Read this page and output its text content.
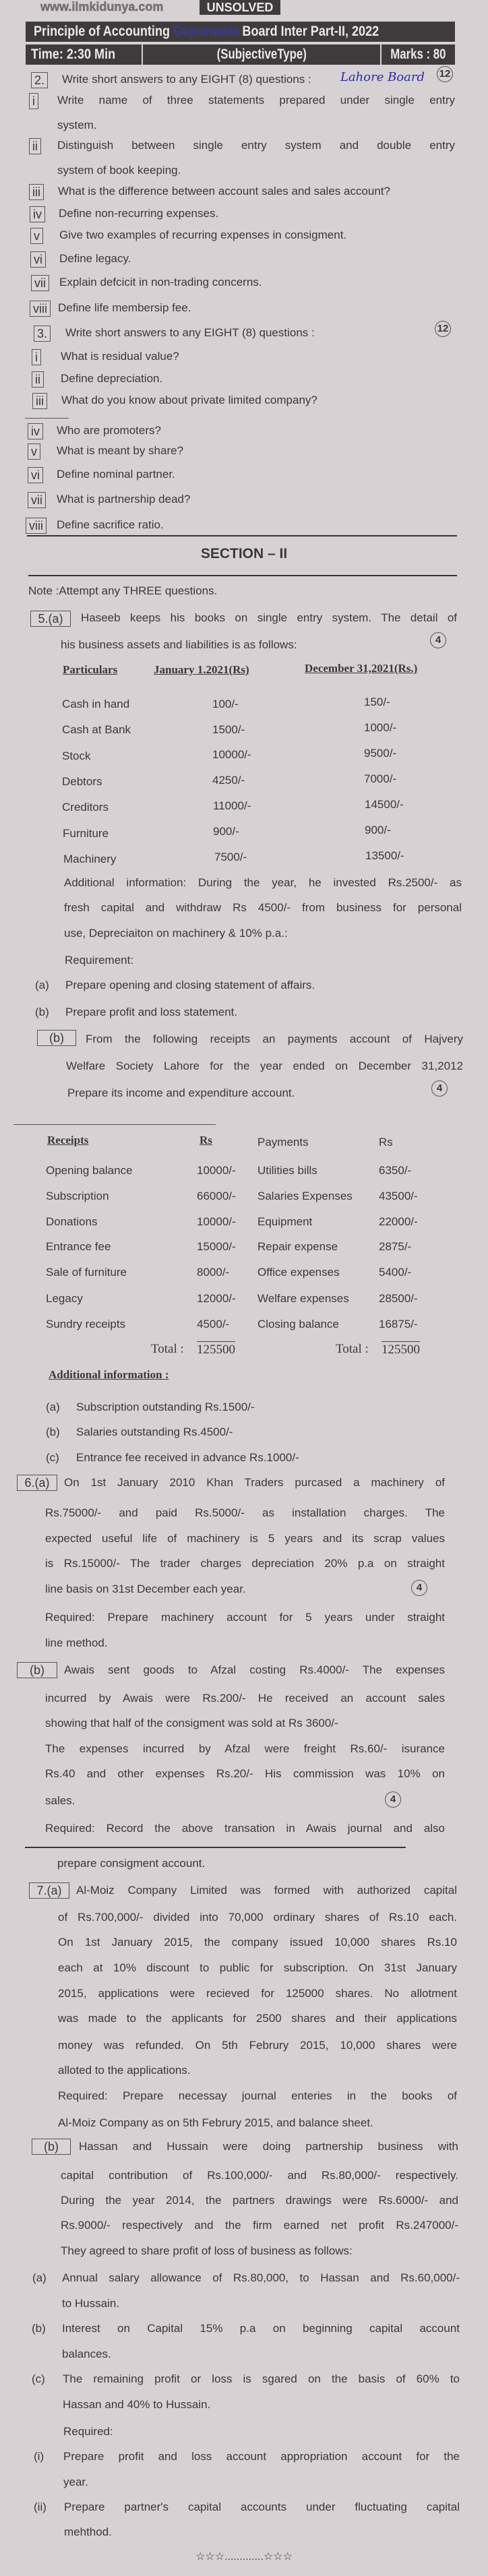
www.ilmkidunya.com	UNSOLVED
Principle of Accounting Gujranwala Board Inter Part-II, 2022
Time: 2:30 Min	(SubjectiveType)	Marks : 80
2. Write short answers to any EIGHT (8) questions : Lahore Board 12
i Write name of three statements prepared under single entry
system.
ii Distinguish between single entry system and double entry
system of book keeping.
iii What is the difference between account sales and sales account?
iv Define non-recurring expenses.
v Give two examples of recurring expenses in consigment.
vi Define legacy.
vii Explain defcicit in non-trading concerns.
viii Define life membersip fee.
3. Write short answers to any EIGHT (8) questions :	12
i What is residual value?
ii Define depreciation.
iii What do you know about private limited company?
iv Who are promoters?
v What is meant by share?
vi Define nominal partner.
vii What is partnership dead?
viii Define sacrifice ratio.
SECTION – II
Note :Attempt any THREE questions.
5.(a)	Haseeb keeps his books on single entry system. The detail of
his business assets and liabilities is as follows:	4
Particulars	January 1.2021(Rs)	December 31,2021(Rs.)
Cash in hand	100/-	150/-
Cash at Bank	1500/-	1000/-
Stock	10000/-	9500/-
Debtors	4250/-	7000/-
Creditors	11000/-	14500/-
Furniture	900/-	900/-
Machinery	7500/-	13500/-
Additional information: During the year, he invested Rs.2500/- as
fresh capital and withdraw Rs 4500/- from business for personal
use, Depreciaiton on machinery & 10% p.a.:
Requirement:
(a) Prepare opening and closing statement of affairs.
(b) Prepare profit and loss statement.
(b)	From the following receipts an payments account of Hajvery
Welfare Society Lahore for the year ended on December 31,2012
Prepare its income and expenditure account.	4
Receipts	Rs	Payments	Rs
Opening balance	10000/- Utilities bills	6350/-
Subscription	66000/- Salaries Expenses 43500/-
Donations	10000/- Equipment	22000/-
Entrance fee	15000/- Repair expense	2875/-
Sale of furniture	8000/- Office expenses	5400/-
Legacy	12000/- Welfare expenses	28500/-
Sundry receipts	4500/- Closing balance	16875/-
Total : 125500	Total : 125500
Additional information :
(a) Subscription outstanding Rs.1500/-
(b) Salaries outstanding Rs.4500/-
(c) Entrance fee received in advance Rs.1000/-
6.(a)	On 1st January 2010 Khan Traders purcased a machinery of
Rs.75000/- and paid Rs.5000/- as installation charges. The
expected useful life of machinery is 5 years and its scrap values
is Rs.15000/- The trader charges depreciation 20% p.a on straight
line basis on 31st December each year.	4
Required: Prepare machinery account for 5 years under straight
line method.
(b)	Awais sent goods to Afzal costing Rs.4000/- The expenses
incurred by Awais were Rs.200/- He received an account sales
showing that half of the consigment was sold at Rs 3600/-
The expenses incurred by Afzal were freight Rs.60/- isurance
Rs.40 and other expenses Rs.20/- His commission was 10% on
sales.	4
Required: Record the above transation in Awais journal and also
prepare consigment account.
7.(a)	Al-Moiz Company Limited was formed with authorized capital
of Rs.700,000/- divided into 70,000 ordinary shares of Rs.10 each.
On 1st January 2015, the company issued 10,000 shares Rs.10
each at 10% discount to public for subscription. On 31st January
2015, applications were recieved for 125000 shares. No allotment
was made to the applicants for 2500 shares and their applications
money was refunded. On 5th Februry 2015, 10,000 shares were
alloted to the applications.
Required: Prepare necessay journal enteries in the books of
Al-Moiz Company as on 5th Februry 2015, and balance sheet.
(b)	Hassan and Hussain were doing partnership business with
capital contribution of Rs.100,000/- and Rs.80,000/- respectively.
During the year 2014, the partners drawings were Rs.6000/- and
Rs.9000/- respectively and the firm earned net profit Rs.247000/-
They agreed to share profit of loss of business as follows:
(a) Annual salary allowance of Rs.80,000, to Hassan and Rs.60,000/-
to Hussain.
(b) Interest on Capital 15% p.a on beginning capital account
balances.
(c) The remaining profit or loss is sgared on the basis of 60% to
Hassan and 40% to Hussain.
Required:
(i) Prepare profit and loss account appropriation account for the
year.
(ii) Prepare partner's capital accounts under fluctuating capital
mehthod.
☆☆☆.............☆☆☆
